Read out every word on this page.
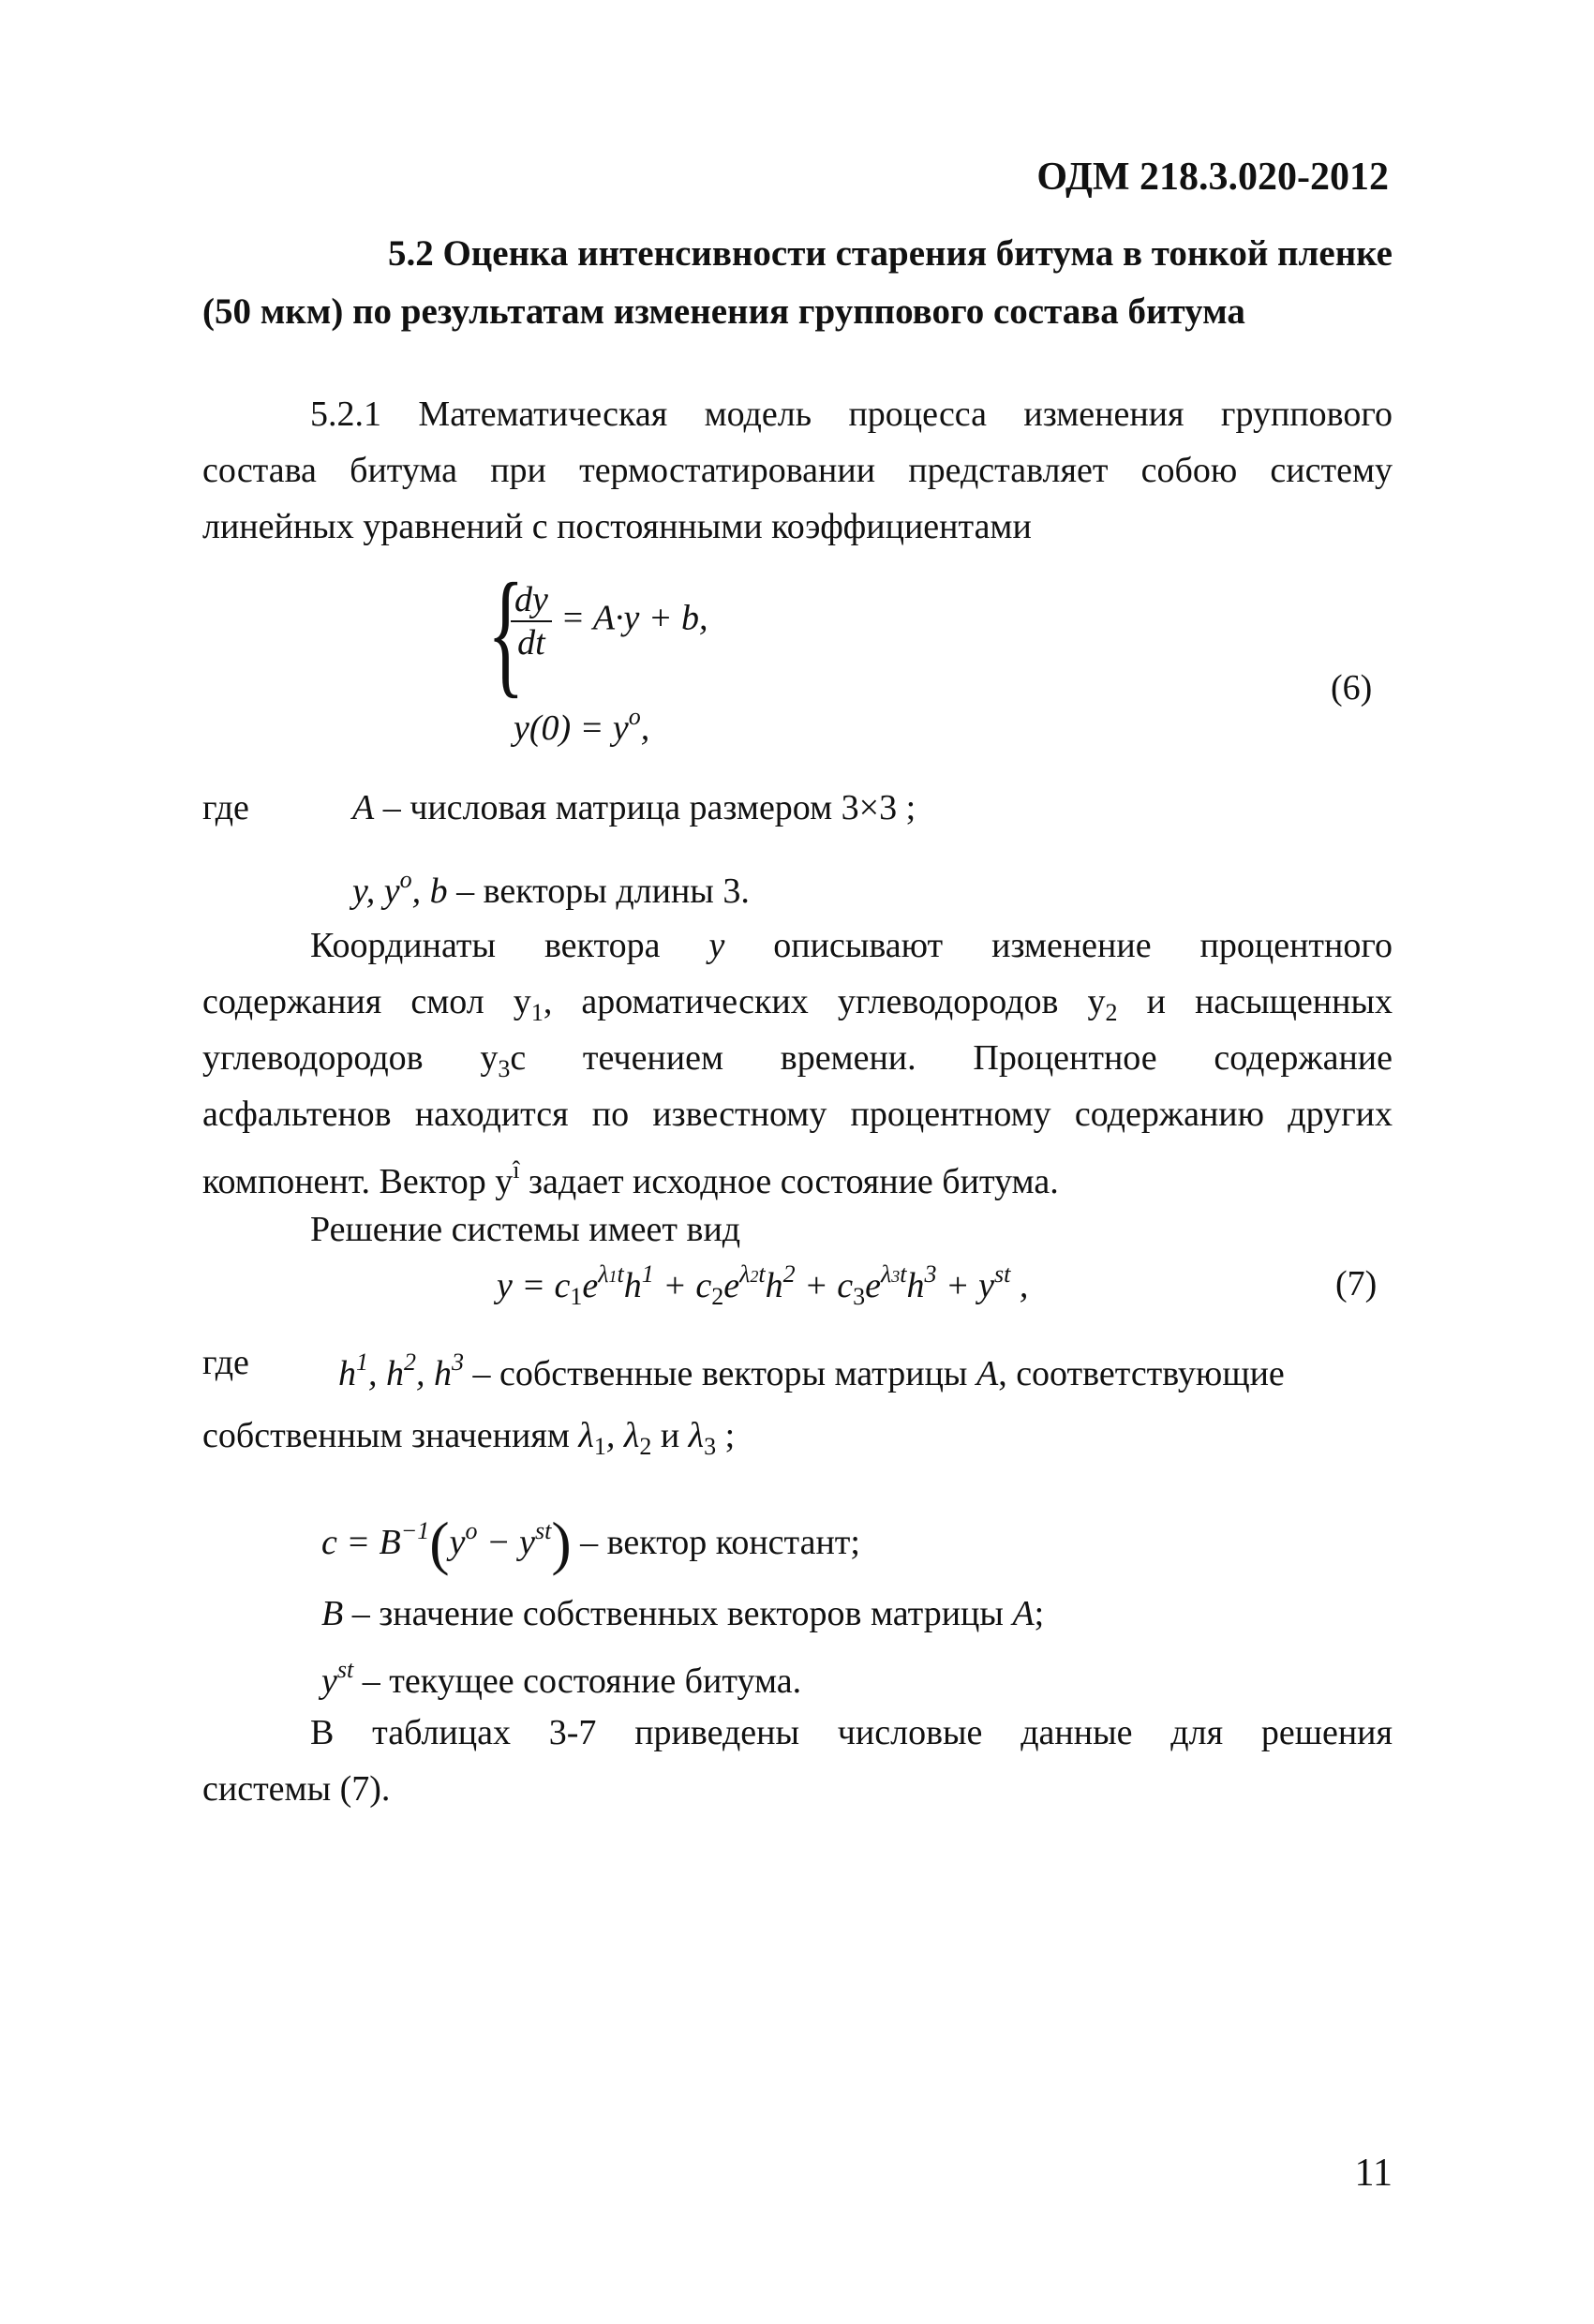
ОДМ 218.3.020-2012
5.2 Оценка интенсивности старения битума в тонкой пленке
(50 мкм) по результатам изменения группового состава битума
5.2.1 Математическая модель процесса изменения группового
состава битума при термостатировании представляет собою систему
линейных уравнений с постоянными коэффициентами
{
$\frac{dy}{dt} = A\cdot y + b$,
$y(0) = y^o$,
(6)
где	A – числовая матрица размером 3×3 ;
y, $y^o$, b – векторы длины 3.
Координаты вектора y описывают изменение процентного
содержания смол $y_1$, ароматических углеводородов $y_2$ и насыщенных
углеводородов $y_3с$ течением времени. Процентное содержание
асфальтенов находится по известному процентному содержанию других
компонент. Вектор $y^î$ задает исходное состояние битума.
Решение системы имеет вид
$y = c_1e^{\lambda 1t}h^1 + c_2e^{\lambda 2t}h^2 + c_3e^{\lambda 3t}h^3 + y^{st}$ ,	(7)
где	$h^1$, $h^2$, $h^3$ – собственные векторы матрицы A, соответствующие
собственным значениям $\lambda_1$, $\lambda_2$ и $\lambda_3$ ;
$c = B^{-1}(y^o - y^{st})$ – вектор констант;
B – значение собственных векторов матрицы A;
$y^{st}$ – текущее состояние битума.
В таблицах 3-7 приведены числовые данные для решения
системы (7).
11
